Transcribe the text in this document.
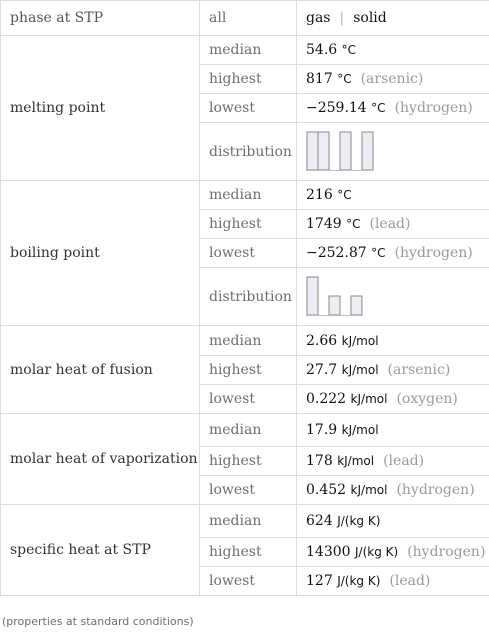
phase at STP	all	gas | solid
melting point	median	54.6 °C
	highest	817 °C (arsenic)
	lowest	−259.14 °C (hydrogen)
	distribution	

boiling point	median	216 °C
	highest	1749 °C (lead)
	lowest	−252.87 °C (hydrogen)
	distribution	

molar heat of fusion	median	2.66 kJ/mol
	highest	27.7 kJ/mol (arsenic)
	lowest	0.222 kJ/mol (oxygen)
molar heat of vaporization	median	17.9 kJ/mol
	highest	178 kJ/mol (lead)
	lowest	0.452 kJ/mol (hydrogen)
specific heat at STP	median	624 J/(kg K)
	highest	14300 J/(kg K) (hydrogen)
	lowest	127 J/(kg K) (lead)
(properties at standard conditions)
